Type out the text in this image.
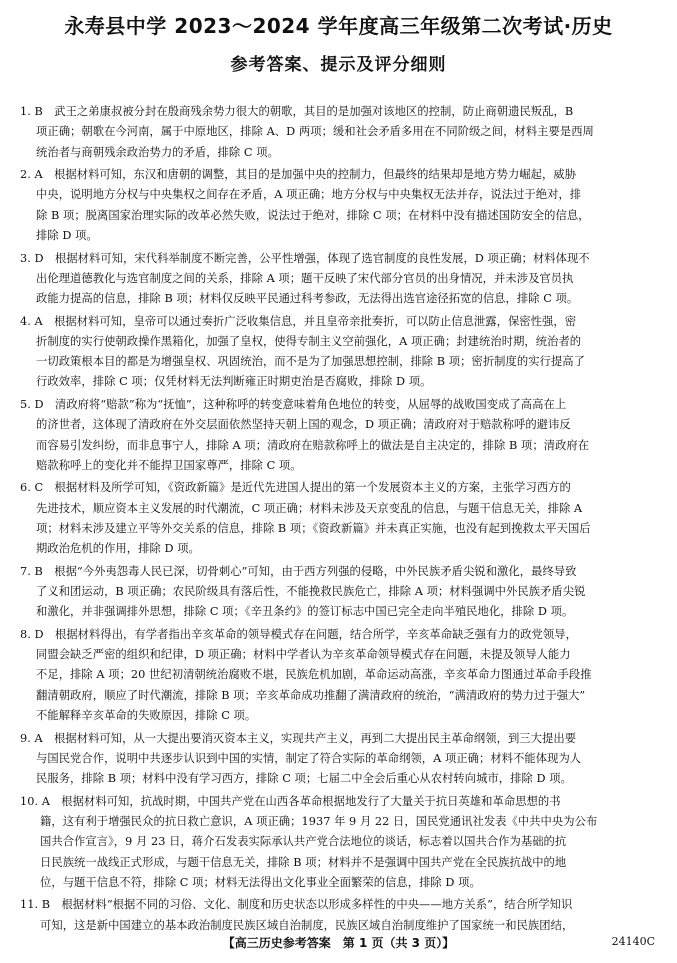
永寿县中学 2023～2024 学年度高三年级第二次考试·历史
参考答案、提示及评分细则
1. B　武王之弟康叔被分封在殷商残余势力很大的朝歌，其目的是加强对该地区的控制，防止商朝遗民叛乱，B
项正确；朝歌在今河南，属于中原地区，排除 A、D 两项；缓和社会矛盾多用在不同阶级之间，材料主要是西周
统治者与商朝残余政治势力的矛盾，排除 C 项。
2. A　根据材料可知，东汉和唐朝的调整，其目的是加强中央的控制力，但最终的结果却是地方势力崛起，威胁
中央，说明地方分权与中央集权之间存在矛盾，A 项正确；地方分权与中央集权无法并存，说法过于绝对，排
除 B 项；脱离国家治理实际的改革必然失败，说法过于绝对，排除 C 项；在材料中没有描述国防安全的信息，
排除 D 项。
3. D　根据材料可知，宋代科举制度不断完善，公平性增强，体现了选官制度的良性发展，D 项正确；材料体现不
出伦理道德教化与选官制度之间的关系，排除 A 项；题干反映了宋代部分官员的出身情况，并未涉及官员执
政能力提高的信息，排除 B 项；材料仅反映平民通过科考参政，无法得出选官途径拓宽的信息，排除 C 项。
4. A　根据材料可知，皇帝可以通过奏折广泛收集信息，并且皇帝亲批奏折，可以防止信息泄露，保密性强，密
折制度的实行使朝政操作黑箱化，加强了皇权，使得专制主义空前强化，A 项正确；封建统治时期，统治者的
一切政策根本目的都是为增强皇权、巩固统治，而不是为了加强思想控制，排除 B 项；密折制度的实行提高了
行政效率，排除 C 项；仅凭材料无法判断雍正时期吏治是否腐败，排除 D 项。
5. D　清政府将“赔款”称为“抚恤”，这种称呼的转变意味着角色地位的转变，从屈辱的战败国变成了高高在上
的济世者，这体现了清政府在外交层面依然坚持天朝上国的观念，D 项正确；清政府对于赔款称呼的避讳反
而容易引发纠纷，而非息事宁人，排除 A 项；清政府在赔款称呼上的做法是自主决定的，排除 B 项；清政府在
赔款称呼上的变化并不能捍卫国家尊严，排除 C 项。
6. C　根据材料及所学可知，《资政新篇》是近代先进国人提出的第一个发展资本主义的方案，主张学习西方的
先进技术，顺应资本主义发展的时代潮流，C 项正确；材料未涉及天京变乱的信息，与题干信息无关，排除 A
项；材料未涉及建立平等外交关系的信息，排除 B 项；《资政新篇》并未真正实施，也没有起到挽救太平天国后
期政治危机的作用，排除 D 项。
7. B　根据“今外夷怨毒人民已深，切骨刺心”可知，由于西方列强的侵略，中外民族矛盾尖锐和激化，最终导致
了义和团运动，B 项正确；农民阶级具有落后性，不能挽救民族危亡，排除 A 项；材料强调中外民族矛盾尖锐
和激化，并非强调排外思想，排除 C 项；《辛丑条约》的签订标志中国已完全走向半殖民地化，排除 D 项。
8. D　根据材料得出，有学者指出辛亥革命的领导模式存在问题，结合所学，辛亥革命缺乏强有力的政党领导，
同盟会缺乏严密的组织和纪律，D 项正确；材料中学者认为辛亥革命领导模式存在问题，未提及领导人能力
不足，排除 A 项；20 世纪初清朝统治腐败不堪，民族危机加剧，革命运动高涨，辛亥革命力图通过革命手段推
翻清朝政府，顺应了时代潮流，排除 B 项；辛亥革命成功推翻了满清政府的统治，“满清政府的势力过于强大”
不能解释辛亥革命的失败原因，排除 C 项。
9. A　根据材料可知，从一大提出要消灭资本主义，实现共产主义，再到二大提出民主革命纲领，到三大提出要
与国民党合作，说明中共逐步认识到中国的实情，制定了符合实际的革命纲领，A 项正确；材料不能体现为人
民服务，排除 B 项；材料中没有学习西方，排除 C 项；七届二中全会后重心从农村转向城市，排除 D 项。
10. A　根据材料可知，抗战时期，中国共产党在山西各革命根据地发行了大量关于抗日英雄和革命思想的书
籍，这有利于增强民众的抗日救亡意识，A 项正确；1937 年 9 月 22 日，国民党通讯社发表《中共中央为公布
国共合作宣言》，9 月 23 日，蒋介石发表实际承认共产党合法地位的谈话，标志着以国共合作为基础的抗
日民族统一战线正式形成，与题干信息无关，排除 B 项；材料并不是强调中国共产党在全民族抗战中的地
位，与题干信息不符，排除 C 项；材料无法得出文化事业全面繁荣的信息，排除 D 项。
11. B　根据材料“根据不同的习俗、文化、制度和历史状态以形成多样性的中央——地方关系”，结合所学知识
可知，这是新中国建立的基本政治制度民族区域自治制度，民族区域自治制度维护了国家统一和民族团结，
【高三历史参考答案　第 1 页（共 3 页）】	24140C
